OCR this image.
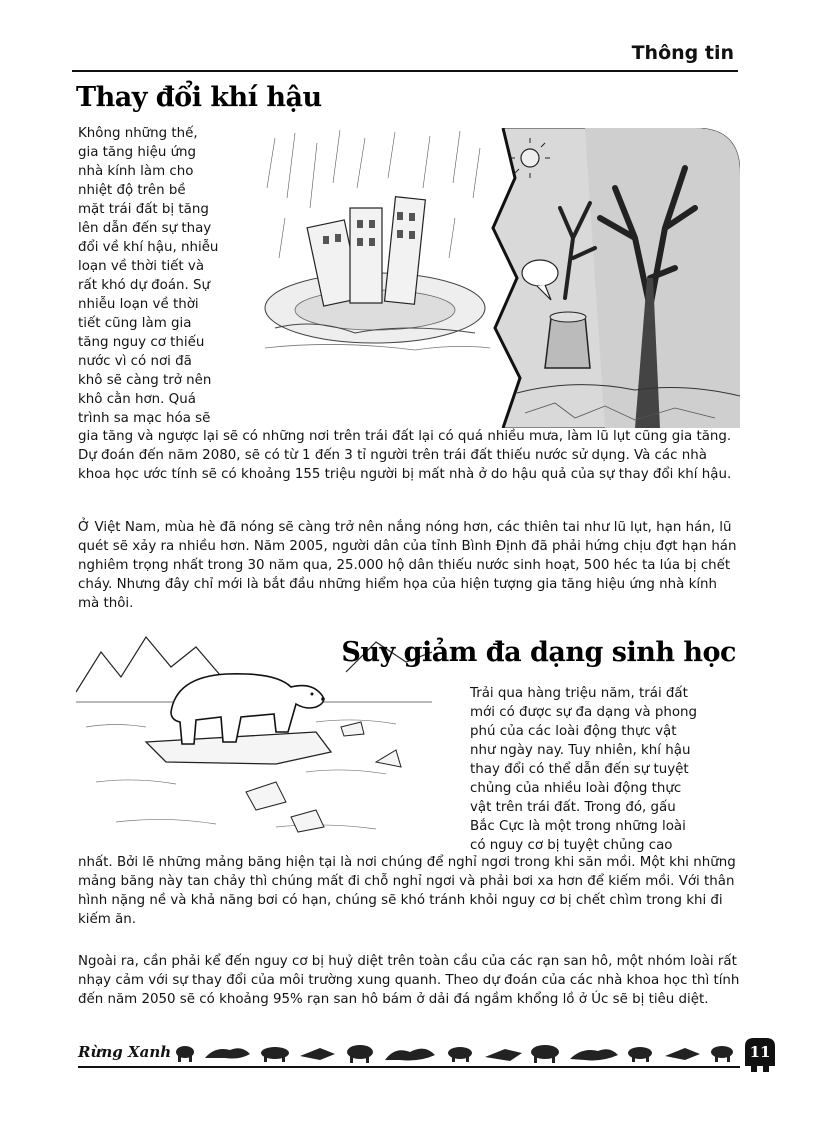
Thông tin
Thay đổi khí hậu
Không những thế,
gia tăng hiệu ứng
nhà kính làm cho
nhiệt độ trên bề
mặt trái đất bị tăng
lên dẫn đến sự thay
đổi về khí hậu, nhiễu
loạn về thời tiết và
rất khó dự đoán. Sự
nhiễu loạn về thời
tiết cũng làm gia
tăng nguy cơ thiếu
nước vì có nơi đã
khô sẽ càng trở nên
khô cằn hơn. Quá
trình sa mạc hóa sẽ
gia tăng và ngược lại sẽ có những nơi trên trái đất lại có quá nhiều mưa, làm lũ lụt cũng gia tăng. Dự đoán đến năm 2080, sẽ có từ 1 đến 3 tỉ người trên trái đất thiếu nước sử dụng. Và các nhà khoa học ước tính sẽ có khoảng 155 triệu người bị mất nhà ở do hậu quả của sự thay đổi khí hậu.
Ở Việt Nam, mùa hè đã nóng sẽ càng trở nên nắng nóng hơn, các thiên tai như lũ lụt, hạn hán, lũ quét sẽ xảy ra nhiều hơn. Năm 2005, người dân của tỉnh Bình Định đã phải hứng chịu đợt hạn hán nghiêm trọng nhất trong 30 năm qua, 25.000 hộ dân thiếu nước sinh hoạt, 500 héc ta lúa bị chết cháy. Nhưng đây chỉ mới là bắt đầu những hiểm họa của hiện tượng gia tăng hiệu ứng nhà kính mà thôi.
Suy giảm đa dạng sinh học
Trải qua hàng triệu năm, trái đất
mới có được sự đa dạng và phong
phú của các loài động thực vật
như ngày nay. Tuy nhiên, khí hậu
thay đổi có thể dẫn đến sự tuyệt
chủng của nhiều loài động thực
vật trên trái đất. Trong đó, gấu
Bắc Cực là một trong những loài
có nguy cơ bị tuyệt chủng cao
nhất. Bởi lẽ những mảng băng hiện tại là nơi chúng để nghỉ ngơi trong khi săn mồi. Một khi những mảng băng này tan chảy thì chúng mất đi chỗ nghỉ ngơi và phải bơi xa hơn để kiếm mồi. Với thân hình nặng nề và khả năng bơi có hạn, chúng sẽ khó tránh khỏi nguy cơ bị chết chìm trong khi đi kiếm ăn.
Ngoài ra, cần phải kể đến nguy cơ bị huỷ diệt trên toàn cầu của các rạn san hô, một nhóm loài rất nhạy cảm với sự thay đổi của môi trường xung quanh. Theo dự đoán của các nhà khoa học thì tính đến năm 2050 sẽ có khoảng 95% rạn san hô bám ở dải đá ngầm khổng lồ ở Úc sẽ bị tiêu diệt.
Rừng Xanh	11
